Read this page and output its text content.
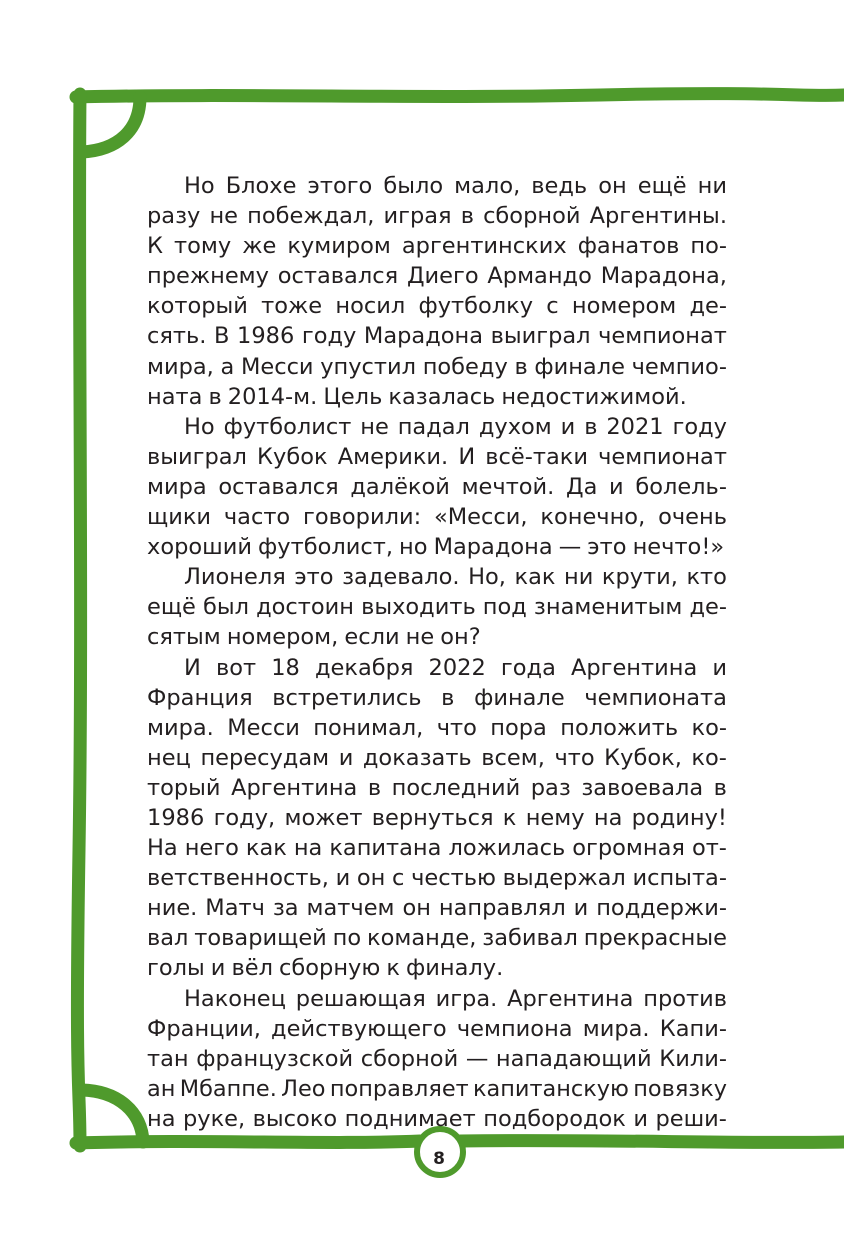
Но Блохе этого было мало, ведь он ещё ни
разу не побеждал, играя в сборной Аргентины.
К тому же кумиром аргентинских фанатов по-
прежнему оставался Диего Армандо Марадона,
который тоже носил футболку с номером де-
сять. В 1986 году Марадона выиграл чемпионат
мира, а Месси упустил победу в финале чемпио-
ната в 2014-м. Цель казалась недостижимой.
Но футболист не падал духом и в 2021 году
выиграл Кубок Америки. И всё-таки чемпионат
мира оставался далёкой мечтой. Да и болель-
щики часто говорили: «Месси, конечно, очень
хороший футболист, но Марадона — это нечто!»
Лионеля это задевало. Но, как ни крути, кто
ещё был достоин выходить под знаменитым де-
сятым номером, если не он?
И вот 18 декабря 2022 года Аргентина и
Франция встретились в финале чемпионата
мира. Месси понимал, что пора положить ко-
нец пересудам и доказать всем, что Кубок, ко-
торый Аргентина в последний раз завоевала в
1986 году, может вернуться к нему на родину!
На него как на капитана ложилась огромная от-
ветственность, и он с честью выдержал испыта-
ние. Матч за матчем он направлял и поддержи-
вал товарищей по команде, забивал прекрасные
голы и вёл сборную к финалу.
Наконец решающая игра. Аргентина против
Франции, действующего чемпиона мира. Капи-
тан французской сборной — нападающий Кили-
ан Мбаппе. Лео поправляет капитанскую повязку
на руке, высоко поднимает подбородок и реши-
8
